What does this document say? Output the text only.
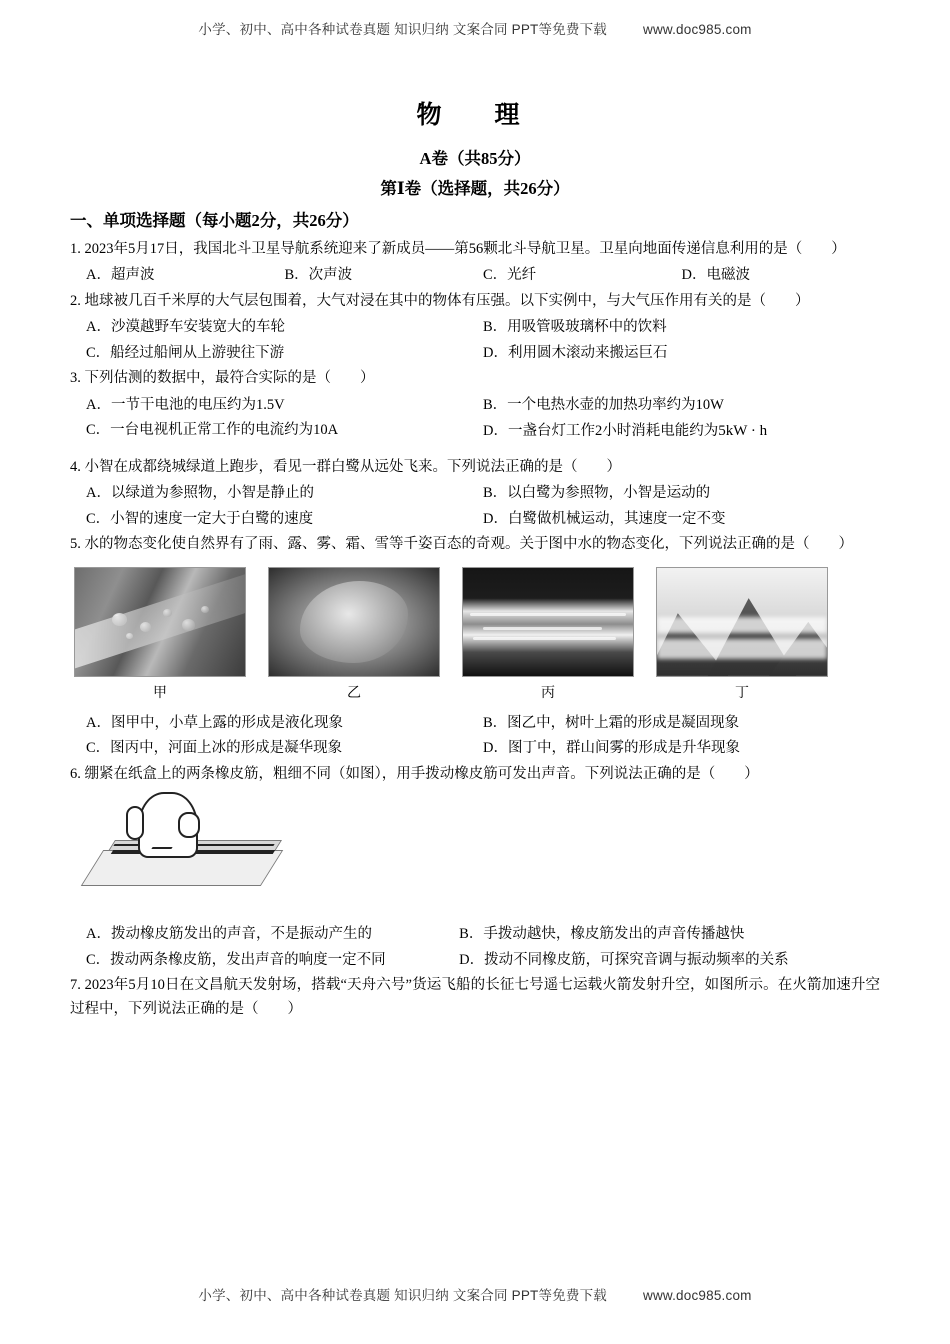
小学、初中、高中各种试卷真题 知识归纳 文案合同 PPT等免费下载	www.doc985.com
物　理
A卷（共85分）
第Ⅰ卷（选择题，共26分）
一、单项选择题（每小题2分，共26分）
1. 2023年5月17日，我国北斗卫星导航系统迎来了新成员——第56颗北斗导航卫星。卫星向地面传递信息利用的是（　　）
A．超声波	B．次声波	C．光纤	D．电磁波
2. 地球被几百千米厚的大气层包围着，大气对浸在其中的物体有压强。以下实例中，与大气压作用有关的是（　　）
A．沙漠越野车安装宽大的车轮	B．用吸管吸玻璃杯中的饮料
C．船经过船闸从上游驶往下游	D．利用圆木滚动来搬运巨石
3. 下列估测的数据中，最符合实际的是（　　）
A．一节干电池的电压约为1.5V	B．一个电热水壶的加热功率约为10W
C．一台电视机正常工作的电流约为10A	D．一盏台灯工作2小时消耗电能约为5kW · h
4. 小智在成都绕城绿道上跑步，看见一群白鹭从远处飞来。下列说法正确的是（　　）
A．以绿道为参照物，小智是静止的	B．以白鹭为参照物，小智是运动的
C．小智的速度一定大于白鹭的速度	D．白鹭做机械运动，其速度一定不变
5. 水的物态变化使自然界有了雨、露、雾、霜、雪等千姿百态的奇观。关于图中水的物态变化，下列说法正确的是（　　）
甲	乙	丙	丁
A．图甲中，小草上露的形成是液化现象	B．图乙中，树叶上霜的形成是凝固现象
C．图丙中，河面上冰的形成是凝华现象	D．图丁中，群山间雾的形成是升华现象
6. 绷紧在纸盒上的两条橡皮筋，粗细不同（如图），用手拨动橡皮筋可发出声音。下列说法正确的是（　　）
A．拨动橡皮筋发出的声音，不是振动产生的	B．手拨动越快，橡皮筋发出的声音传播越快
C．拨动两条橡皮筋，发出声音的响度一定不同	D．拨动不同橡皮筋，可探究音调与振动频率的关系
7. 2023年5月10日在文昌航天发射场，搭载“天舟六号”货运飞船的长征七号遥七运载火箭发射升空，如图所示。在火箭加速升空过程中，下列说法正确的是（　　）
小学、初中、高中各种试卷真题 知识归纳 文案合同 PPT等免费下载	www.doc985.com
